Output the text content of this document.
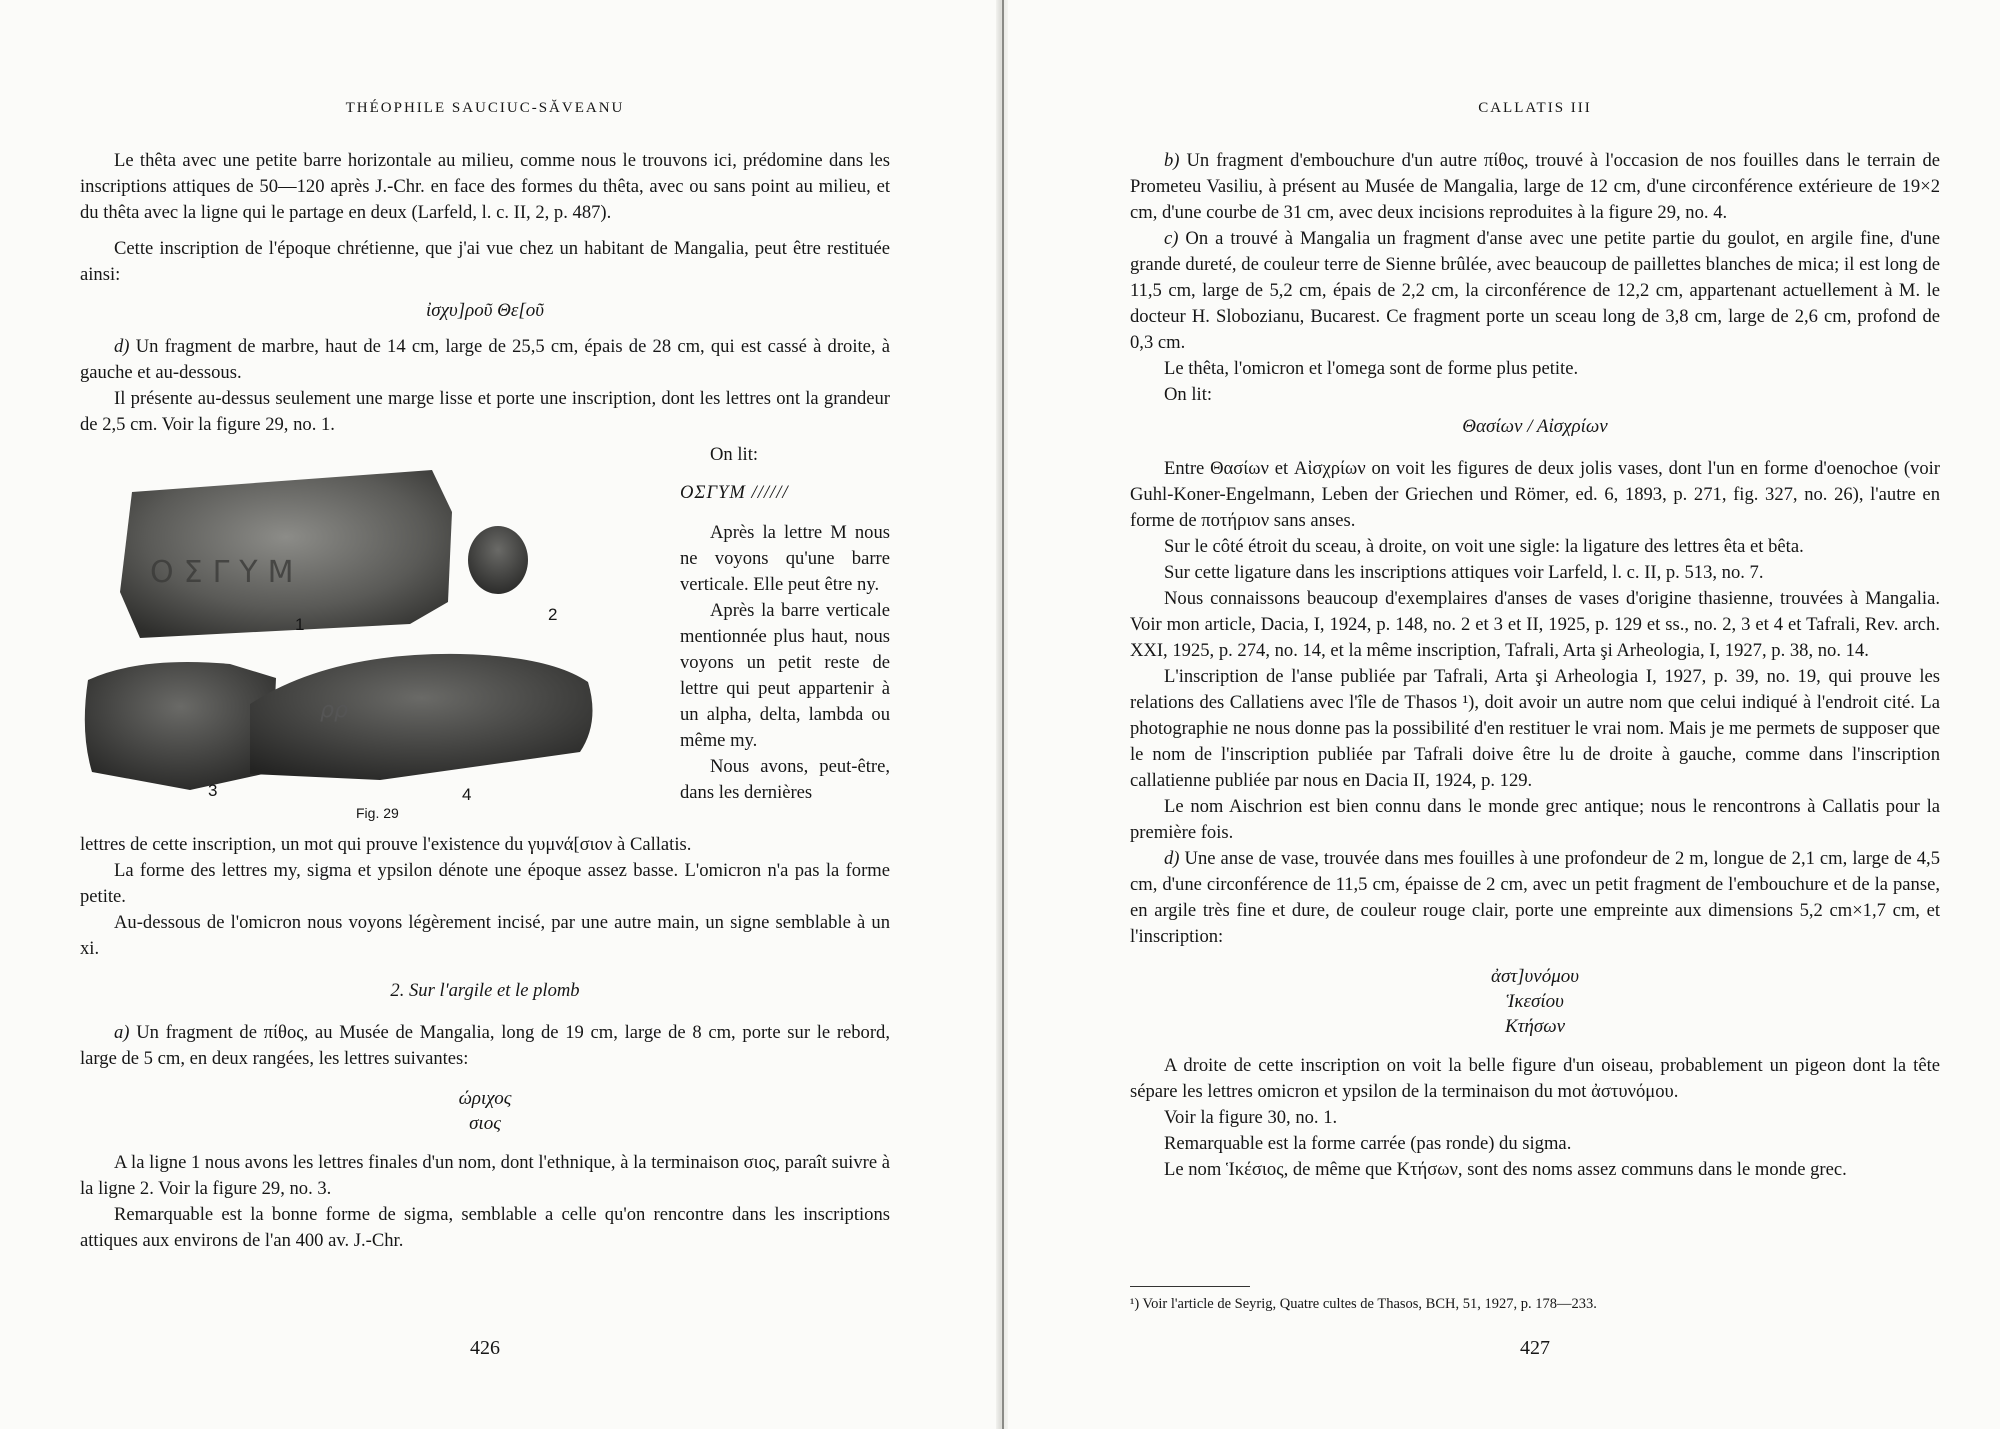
THÉOPHILE SAUCIUC-SĂVEANU

Le thêta avec une petite barre horizontale au milieu, comme nous le trouvons ici, prédomine dans les inscriptions attiques de 50—120 après J.-Chr. en face des formes du thêta, avec ou sans point au milieu, et du thêta avec la ligne qui le partage en deux (Larfeld, l. c. II, 2, p. 487).

Cette inscription de l'époque chrétienne, que j'ai vue chez un habitant de Mangalia, peut être restituée ainsi:

ἰσχυ]ροῦ Θε[οῦ

d) Un fragment de marbre, haut de 14 cm, large de 25,5 cm, épais de 28 cm, qui est cassé à droite, à gauche et au-dessous.

Il présente au-dessus seulement une marge lisse et porte une inscription, dont les lettres ont la grandeur de 2,5 cm. Voir la figure 29, no. 1.

ΟΣΓΥΜ
ρρ
1
2
3	4
Fig. 29

On lit:

ΟΣΓΥΜ //////

Après la lettre M nous ne voyons qu'une barre verticale. Elle peut être ny.

Après la barre verticale mentionnée plus haut, nous voyons un petit reste de lettre qui peut appartenir à un alpha, delta, lambda ou même my.

Nous avons, peut-être, dans les dernières

lettres de cette inscription, un mot qui prouve l'existence du γυμνά[σιον à Callatis.

La forme des lettres my, sigma et ypsilon dénote une époque assez basse. L'omicron n'a pas la forme petite.

Au-dessous de l'omicron nous voyons légèrement incisé, par une autre main, un signe semblable à un xi.

2. Sur l'argile et le plomb

a) Un fragment de πίθος, au Musée de Mangalia, long de 19 cm, large de 8 cm, porte sur le rebord, large de 5 cm, en deux rangées, les lettres suivantes:

ώριχος
σιος

A la ligne 1 nous avons les lettres finales d'un nom, dont l'ethnique, à la terminaison σιος, paraît suivre à la ligne 2. Voir la figure 29, no. 3.

Remarquable est la bonne forme de sigma, semblable a celle qu'on rencontre dans les inscriptions attiques aux environs de l'an 400 av. J.-Chr.

426
CALLATIS III

b) Un fragment d'embouchure d'un autre πίθος, trouvé à l'occasion de nos fouilles dans le terrain de Prometeu Vasiliu, à présent au Musée de Mangalia, large de 12 cm, d'une circonférence extérieure de 19×2 cm, d'une courbe de 31 cm, avec deux incisions reproduites à la figure 29, no. 4.

c) On a trouvé à Mangalia un fragment d'anse avec une petite partie du goulot, en argile fine, d'une grande dureté, de couleur terre de Sienne brûlée, avec beaucoup de paillettes blanches de mica; il est long de 11,5 cm, large de 5,2 cm, épais de 2,2 cm, la circonférence de 12,2 cm, appartenant actuellement à M. le docteur H. Slobozianu, Bucarest. Ce fragment porte un sceau long de 3,8 cm, large de 2,6 cm, profond de 0,3 cm.

Le thêta, l'omicron et l'omega sont de forme plus petite.

On lit:

Θασίων / Αἰσχρίων

Entre Θασίων et Αἰσχρίων on voit les figures de deux jolis vases, dont l'un en forme d'oenochoe (voir Guhl-Koner-Engelmann, Leben der Griechen und Römer, ed. 6, 1893, p. 271, fig. 327, no. 26), l'autre en forme de ποτήριον sans anses.

Sur le côté étroit du sceau, à droite, on voit une sigle: la ligature des lettres êta et bêta.

Sur cette ligature dans les inscriptions attiques voir Larfeld, l. c. II, p. 513, no. 7.

Nous connaissons beaucoup d'exemplaires d'anses de vases d'origine thasienne, trouvées à Mangalia. Voir mon article, Dacia, I, 1924, p. 148, no. 2 et 3 et II, 1925, p. 129 et ss., no. 2, 3 et 4 et Tafrali, Rev. arch. XXI, 1925, p. 274, no. 14, et la même inscription, Tafrali, Arta şi Arheologia, I, 1927, p. 38, no. 14.

L'inscription de l'anse publiée par Tafrali, Arta şi Arheologia I, 1927, p. 39, no. 19, qui prouve les relations des Callatiens avec l'île de Thasos ¹), doit avoir un autre nom que celui indiqué à l'endroit cité. La photographie ne nous donne pas la possibilité d'en restituer le vrai nom. Mais je me permets de supposer que le nom de l'inscription publiée par Tafrali doive être lu de droite à gauche, comme dans l'inscription callatienne publiée par nous en Dacia II, 1924, p. 129.

Le nom Aischrion est bien connu dans le monde grec antique; nous le rencontrons à Callatis pour la première fois.

d) Une anse de vase, trouvée dans mes fouilles à une profondeur de 2 m, longue de 2,1 cm, large de 4,5 cm, d'une circonférence de 11,5 cm, épaisse de 2 cm, avec un petit fragment de l'embouchure et de la panse, en argile très fine et dure, de couleur rouge clair, porte une empreinte aux dimensions 5,2 cm×1,7 cm, et l'inscription:

ἀστ]υνόμου
Ἱκεσίου
Κτήσων

A droite de cette inscription on voit la belle figure d'un oiseau, probablement un pigeon dont la tête sépare les lettres omicron et ypsilon de la terminaison du mot ἀστυνόμου.

Voir la figure 30, no. 1.

Remarquable est la forme carrée (pas ronde) du sigma.

Le nom Ἱκέσιος, de même que Κτήσων, sont des noms assez communs dans le monde grec.

¹) Voir l'article de Seyrig, Quatre cultes de Thasos, BCH, 51, 1927, p. 178—233.
427
